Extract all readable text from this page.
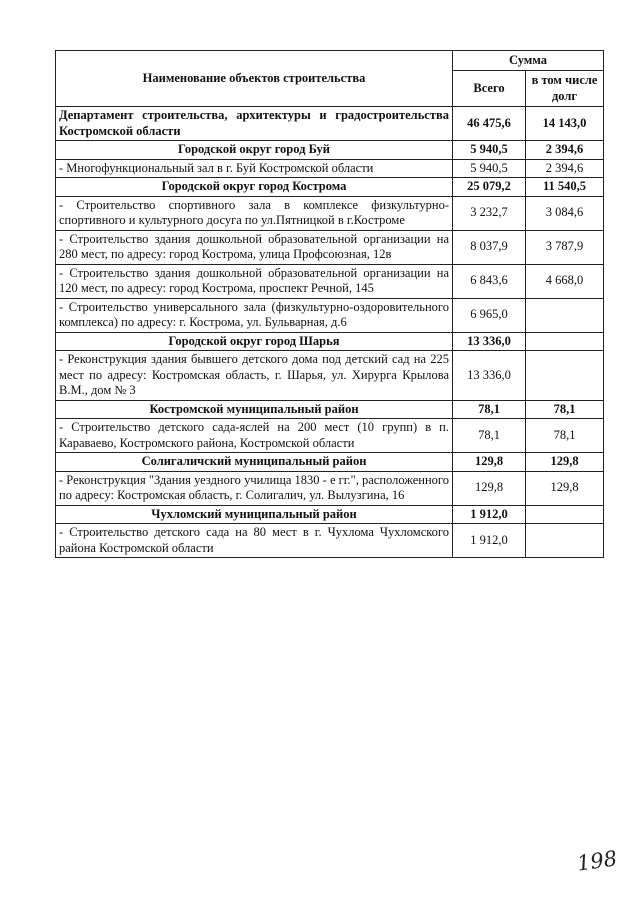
Наименование объектов строительства	Сумма	
	Всего	в том числе долг
Департамент строительства, архитектуры и градостроительства Костромской области	46 475,6	14 143,0
Городской округ город Буй	5 940,5	2 394,6
- Многофункциональный зал в г. Буй Костромской области	5 940,5	2 394,6
Городской округ город Кострома	25 079,2	11 540,5
- Строительство спортивного зала в комплексе физкультурно-спортивного и культурного досуга по ул.Пятницкой в г.Костроме	3 232,7	3 084,6
- Строительство здания дошкольной образовательной организации на 280 мест, по адресу: город Кострома, улица Профсоюзная, 12в	8 037,9	3 787,9
- Строительство здания дошкольной образовательной организации на 120 мест, по адресу: город Кострома, проспект Речной, 145	6 843,6	4 668,0
- Строительство универсального зала (физкультурно-оздоровительного комплекса) по адресу: г. Кострома, ул. Бульварная, д.6	6 965,0	
Городской округ город Шарья	13 336,0	
- Реконструкция здания бывшего детского дома под детский сад на 225 мест по адресу: Костромская область, г. Шарья, ул. Хирурга Крылова В.М., дом № 3	13 336,0	
Костромской муниципальный район	78,1	78,1
- Строительство детского сада-яслей на 200 мест (10 групп) в п. Караваево, Костромского района, Костромской области	78,1	78,1
Солигаличский муниципальный район	129,8	129,8
- Реконструкция "Здания уездного училища 1830 - е гг.", расположенного по адресу: Костромская область, г. Солигалич, ул. Вылузгина, 16	129,8	129,8
Чухломский муниципальный район	1 912,0	
- Строительство детского сада на 80 мест в г. Чухлома Чухломского района Костромской области	1 912,0	
198
